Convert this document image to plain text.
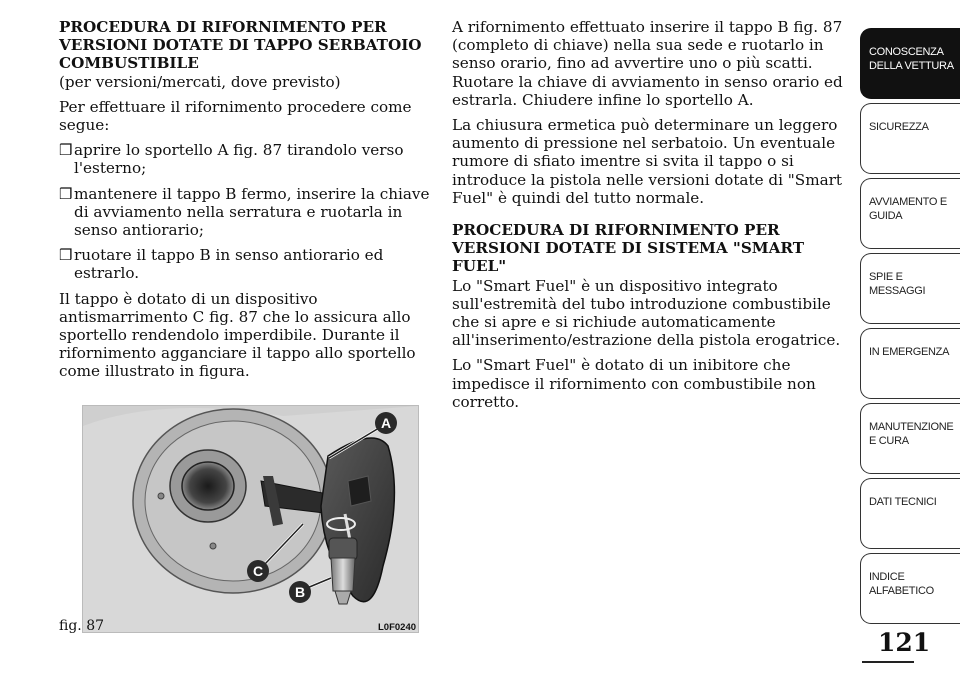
PROCEDURA DI RIFORNIMENTO PER VERSIONI DOTATE DI TAPPO SERBATOIO COMBUSTIBILE

(per versioni/mercati, dove previsto)

Per effettuare il rifornimento procedere come segue:

❒ aprire lo sportello A fig. 87 tirandolo verso l'esterno;
❒ mantenere il tappo B fermo, inserire la chiave di avviamento nella serratura e ruotarla in senso antiorario;
❒ ruotare il tappo B in senso antiorario ed estrarlo.

Il tappo è dotato di un dispositivo antismarrimento C fig. 87 che lo assicura allo sportello rendendolo imperdibile. Durante il rifornimento agganciare il tappo allo sportello come illustrato in figura.

A rifornimento effettuato inserire il tappo B fig. 87 (completo di chiave) nella sua sede e ruotarlo in senso orario, fino ad avvertire uno o più scatti. Ruotare la chiave di avviamento in senso orario ed estrarla. Chiudere infine lo sportello A.

La chiusura ermetica può determinare un leggero aumento di pressione nel serbatoio. Un eventuale rumore di sfiato imentre si svita il tappo o si introduce la pistola nelle versioni dotate di "Smart Fuel" è quindi del tutto normale.

PROCEDURA DI RIFORNIMENTO PER VERSIONI DOTATE DI SISTEMA "SMART FUEL"

Lo "Smart Fuel" è un dispositivo integrato sull'estremità del tubo introduzione combustibile che si apre e si richiude automaticamente all'inserimento/estrazione della pistola erogatrice.

Lo "Smart Fuel" è dotato di un inibitore che impedisce il rifornimento con combustibile non corretto.

A
C
B
fig. 87	L0F0240
CONOSCENZA DELLA VETTURA
SICUREZZA
AVVIAMENTO E GUIDA
SPIE E MESSAGGI
IN EMERGENZA
MANUTENZIONE E CURA
DATI TECNICI
INDICE ALFABETICO
121
